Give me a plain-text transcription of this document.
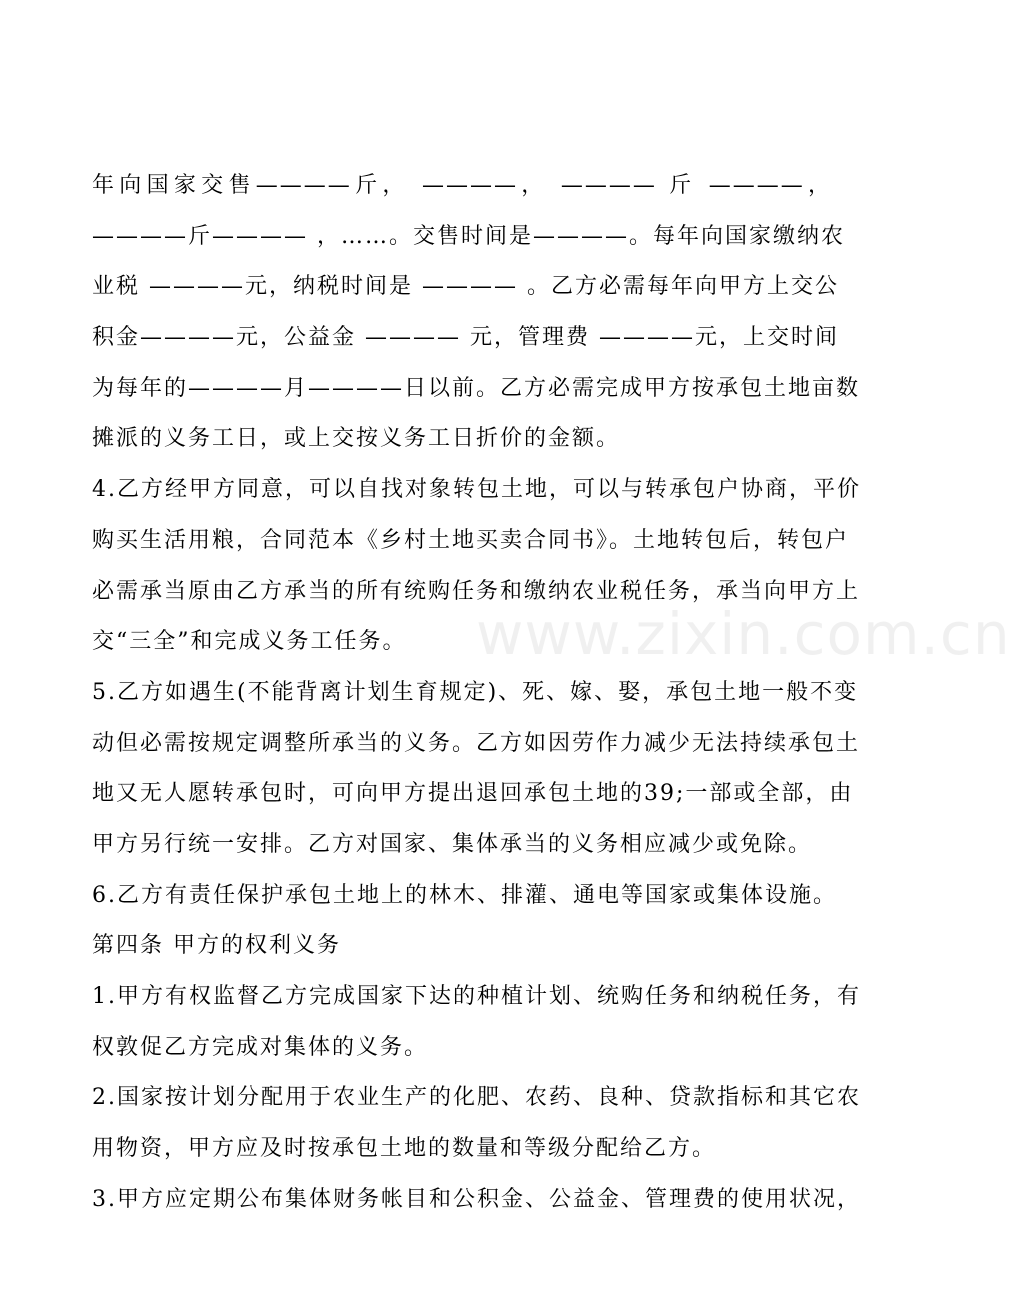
年向国家交售————斤， ————， ———— 斤 ————，
————斤———— ，……。交售时间是————。每年向国家缴纳农
业税 ————元，纳税时间是 ———— 。乙方必需每年向甲方上交公
积金————元，公益金 ———— 元，管理费 ————元，上交时间
为每年的————月————日以前。乙方必需完成甲方按承包土地亩数
摊派的义务工日，或上交按义务工日折价的金额。
4.乙方经甲方同意，可以自找对象转包土地，可以与转承包户协商，平价
购买生活用粮，合同范本《乡村土地买卖合同书》。土地转包后，转包户
必需承当原由乙方承当的所有统购任务和缴纳农业税任务，承当向甲方上
交“三全”和完成义务工任务。
5.乙方如遇生(不能背离计划生育规定)、死、嫁、娶，承包土地一般不变
动但必需按规定调整所承当的义务。乙方如因劳作力减少无法持续承包土
地又无人愿转承包时，可向甲方提出退回承包土地的39;一部或全部，由
甲方另行统一安排。乙方对国家、集体承当的义务相应减少或免除。
6.乙方有责任保护承包土地上的林木、排灌、通电等国家或集体设施。
第四条 甲方的权利义务
1.甲方有权监督乙方完成国家下达的种植计划、统购任务和纳税任务，有
权敦促乙方完成对集体的义务。
2.国家按计划分配用于农业生产的化肥、农药、良种、贷款指标和其它农
用物资，甲方应及时按承包土地的数量和等级分配给乙方。
3.甲方应定期公布集体财务帐目和公积金、公益金、管理费的使用状况，
www.zixin.com.cn
